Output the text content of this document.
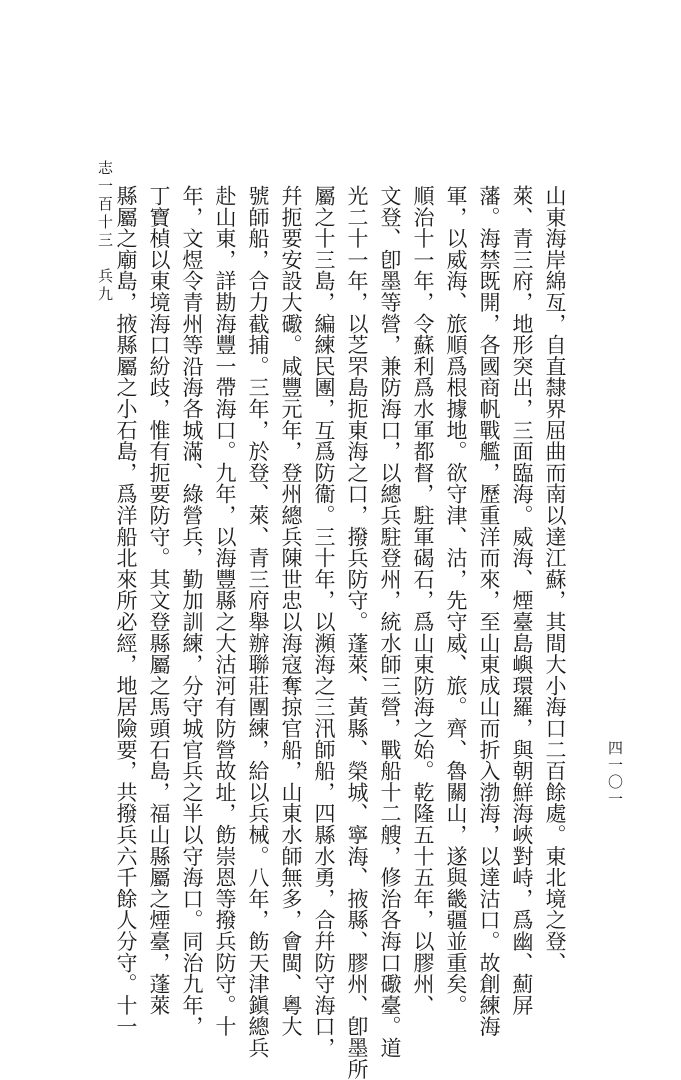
志一百十三　兵九	山東海岸綿亙，自直隸界屈曲而南以達江蘇，其間大小海口二百餘處。東北境之登、
萊、青三府，地形突出，三面臨海。威海、煙臺島嶼環羅，與朝鮮海峽對峙，爲幽、薊屏
藩。海禁既開，各國商帆戰艦，歷重洋而來，至山東成山而折入渤海，以達沽口。故創練海
軍，以威海、旅順爲根據地。欲守津、沽，先守威、旅。齊、魯關山，遂與畿疆並重矣。
順治十一年，令蘇利爲水軍都督，駐軍碣石，爲山東防海之始。乾隆五十五年，以膠州、
文登、卽墨等營，兼防海口，以總兵駐登州，統水師三營，戰船十二艘，修治各海口礮臺。道
光二十一年，以芝罘島扼東海之口，撥兵防守。蓬萊、黃縣、榮城、寧海、掖縣、膠州、卽墨所
屬之十三島，編練民團，互爲防衞。三十年，以瀕海之三汛師船，四縣水勇，合幷防守海口，
幷扼要安設大礮。咸豐元年，登州總兵陳世忠以海寇奪掠官船，山東水師無多，會閩、粵大
號師船，合力截捕。三年，於登、萊、青三府舉辦聯莊團練，給以兵械。八年，飭天津鎭總兵
赴山東，詳勘海豐一帶海口。九年，以海豐縣之大沽河有防營故址，飭崇恩等撥兵防守。十
年，文煜令青州等沿海各城滿、綠營兵，勤加訓練，分守城官兵之半以守海口。同治九年，
丁寶楨以東境海口紛歧，惟有扼要防守。其文登縣屬之馬頭石島，福山縣屬之煙臺，蓬萊
縣屬之廟島，掖縣屬之小石島，爲洋船北來所必經，地居險要，共撥兵六千餘人分守。十一	四一〇一
